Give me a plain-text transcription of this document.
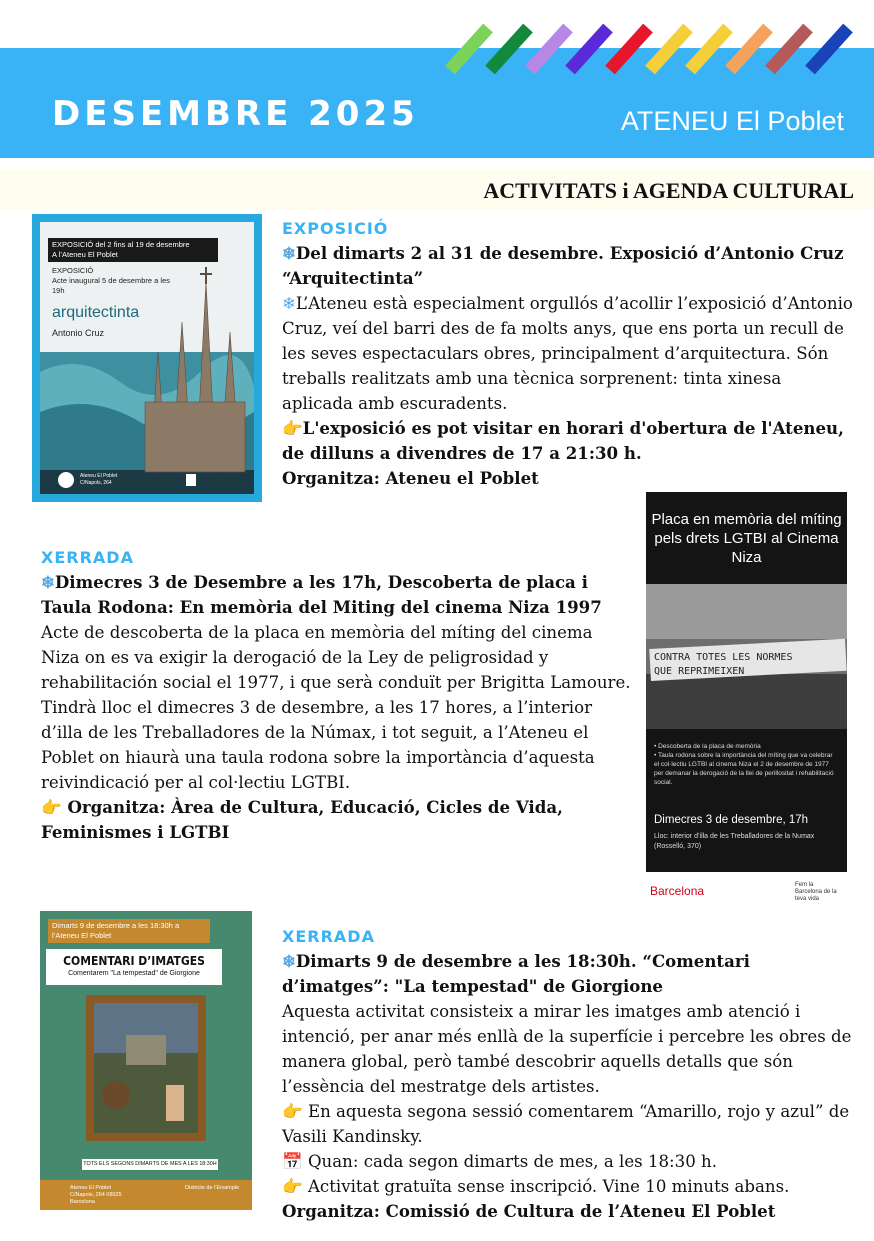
DESEMBRE 2025	ATENEU El Poblet
ACTIVITATS i AGENDA CULTURAL
Ateneu El Poblet
C/Napols, 264
EXPOSICIÓ del 2 fins al 19 de desembre
A l’Ateneu El Poblet
EXPOSICIÓ
Acte inaugural 5 de desembre a les 19h
arquitectinta
Antonio Cruz

EXPOSICIÓ

❄Del dimarts 2 al 31 de desembre. Exposició d’Antonio Cruz “Arquitectinta”

❄L’Ateneu està especialment orgullós d’acollir l’exposició d’Antonio Cruz, veí del barri des de fa molts anys, que ens porta un recull de les seves espectaculars obres, principalment d’arquitectura. Són treballs realitzats amb una tècnica sorprenent: tinta xinesa aplicada amb escuradents.

👉L'exposició es pot visitar en horari d'obertura de l'Ateneu, de dilluns a divendres de 17 a 21:30 h.

Organitza: Ateneu el Poblet

Placa en memòria del míting pels drets LGTBI al Cinema Niza
CONTRA TOTES LES NORMES
QUE REPRIMEIXEN
• Descoberta de la placa de memòria
• Taula rodona sobre la importància del míting que va celebrar el col·lectiu LGTBI al cinema Niza el 2 de desembre de 1977 per demanar la derogació de la llei de perillositat i rehabilitació social.
Dimecres 3 de desembre, 17h
Lloc: interior d’illa de les Treballadores de la Numax (Rosselló, 370)
Barcelona	Fem la Barcelona de la teva vida

XERRADA

❄Dimecres 3 de Desembre a les 17h, Descoberta de placa i Taula Rodona: En memòria del Miting del cinema Niza 1997

Acte de descoberta de la placa en memòria del míting del cinema Niza on es va exigir la derogació de la Ley de peligrosidad y rehabilitación social el 1977, i que serà conduït per Brigitta Lamoure. Tindrà lloc el dimecres 3 de desembre, a les 17 hores, a l’interior d’illa de les Treballadores de la Númax, i tot seguit, a l’Ateneu el Poblet on hiaurà una taula rodona sobre la importància d’aquesta reivindicació per al col·lectiu LGTBI.

👉 Organitza: Àrea de Cultura, Educació, Cicles de Vida, Feminismes i LGTBI

Dimarts 9 de desembre a les 18:30h a l’Ateneu El Poblet
COMENTARI D’IMATGES
Comentarem "La tempestad" de Giorgione
TOTS ELS SEGONS DIMARTS DE MES A LES 18:30H
Ateneu El Poblet C/Napols, 264 08025 Barcelona
Districte de l’Eixample

XERRADA

❄Dimarts 9 de desembre a les 18:30h. “Comentari d’imatges”: "La tempestad" de Giorgione

Aquesta activitat consisteix a mirar les imatges amb atenció i intenció, per anar més enllà de la superfície i percebre les obres de manera global, però també descobrir aquells detalls que són l’essència del mestratge dels artistes.

👉 En aquesta segona sessió comentarem “Amarillo, rojo y azul” de Vasili Kandinsky.

📅 Quan: cada segon dimarts de mes, a les 18:30 h.

👉 Activitat gratuïta sense inscripció. Vine 10 minuts abans.

Organitza: Comissió de Cultura de l’Ateneu El Poblet
